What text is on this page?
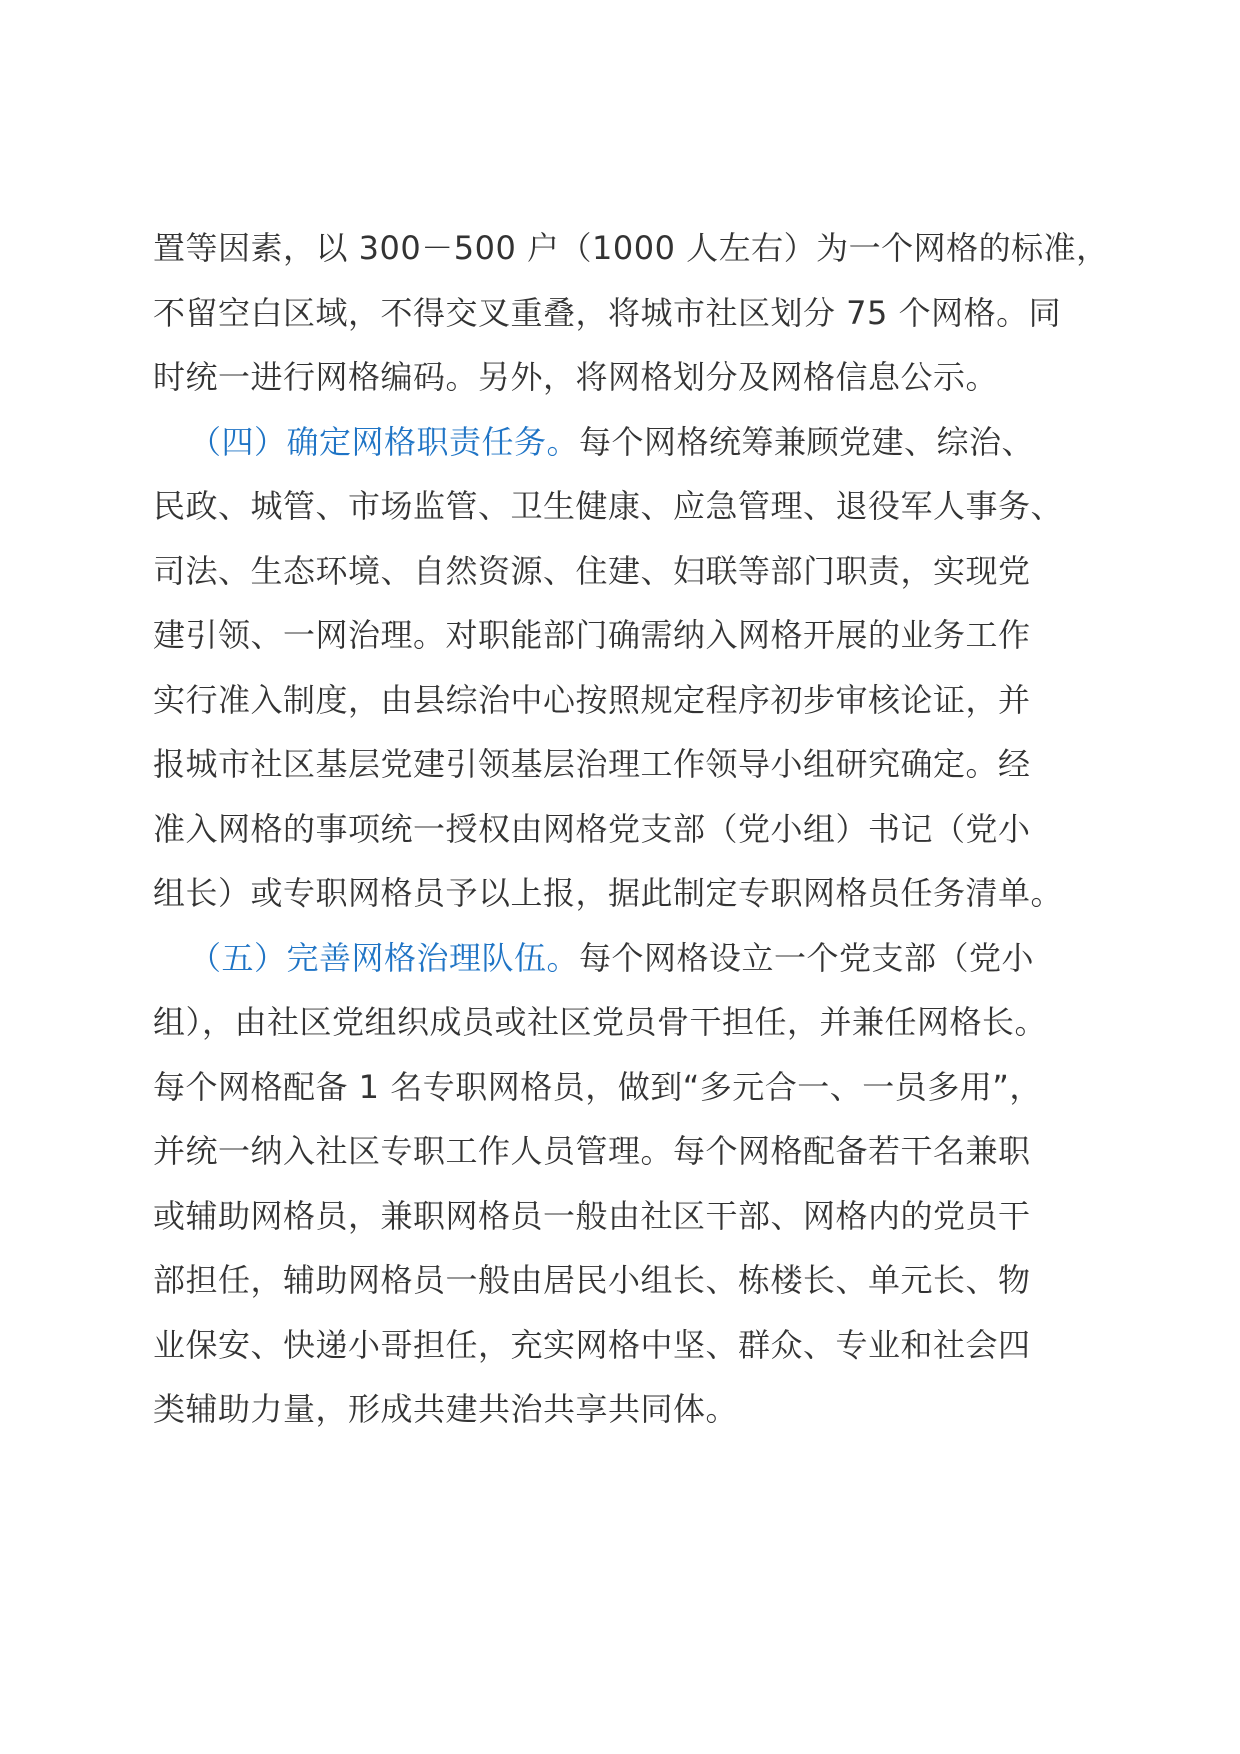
置等因素，以 300－500 户（1000 人左右）为一个网格的标准，
不留空白区域，不得交叉重叠，将城市社区划分 75 个网格。同
时统一进行网格编码。另外，将网格划分及网格信息公示。
（四）确定网格职责任务。每个网格统筹兼顾党建、综治、
民政、城管、市场监管、卫生健康、应急管理、退役军人事务、
司法、生态环境、自然资源、住建、妇联等部门职责，实现党
建引领、一网治理。对职能部门确需纳入网格开展的业务工作
实行准入制度，由县综治中心按照规定程序初步审核论证，并
报城市社区基层党建引领基层治理工作领导小组研究确定。经
准入网格的事项统一授权由网格党支部（党小组）书记（党小
组长）或专职网格员予以上报，据此制定专职网格员任务清单。
（五）完善网格治理队伍。每个网格设立一个党支部（党小
组），由社区党组织成员或社区党员骨干担任，并兼任网格长。
每个网格配备 1 名专职网格员，做到“多元合一、一员多用”，
并统一纳入社区专职工作人员管理。每个网格配备若干名兼职
或辅助网格员，兼职网格员一般由社区干部、网格内的党员干
部担任，辅助网格员一般由居民小组长、栋楼长、单元长、物
业保安、快递小哥担任，充实网格中坚、群众、专业和社会四
类辅助力量，形成共建共治共享共同体。
